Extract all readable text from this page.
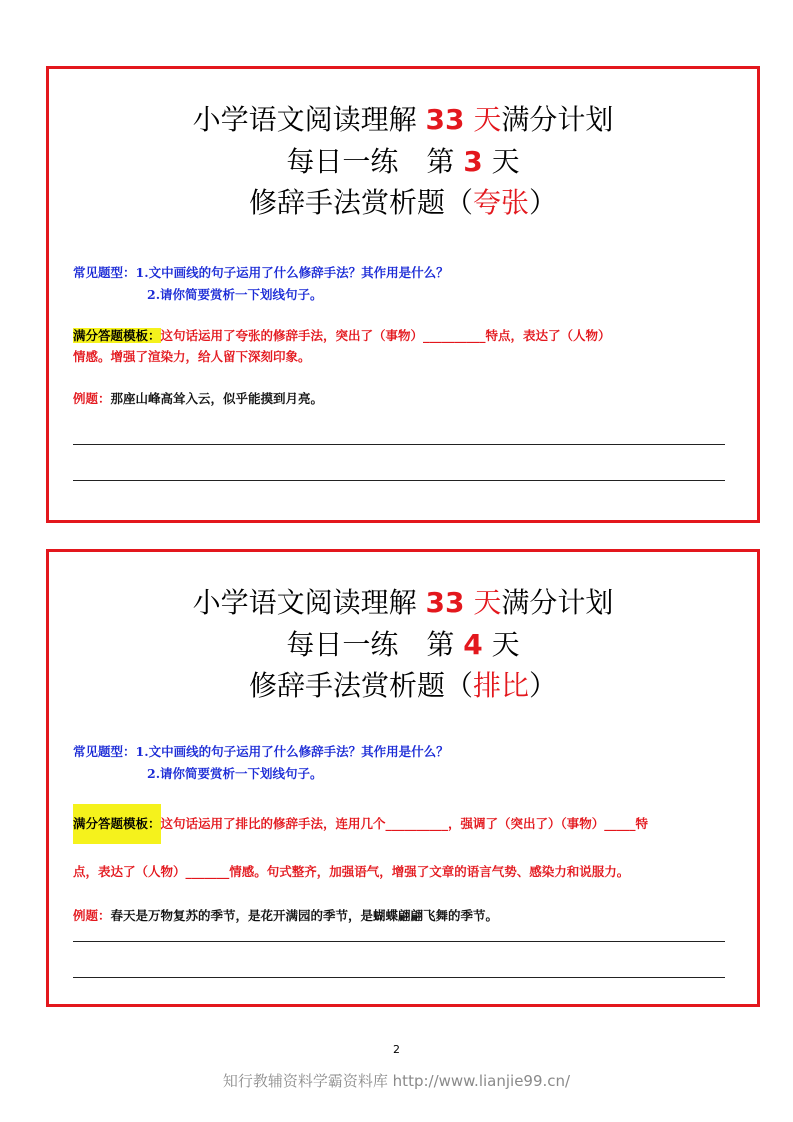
小学语文阅读理解 33 天满分计划
每日一练　第 3 天
修辞手法赏析题（夸张）
常见题型：1.文中画线的句子运用了什么修辞手法？其作用是什么？
2.请你简要赏析一下划线句子。
满分答题模板：这句话运用了夸张的修辞手法，突出了（事物）__________特点，表达了（人物）
情感。增强了渲染力，给人留下深刻印象。
例题：那座山峰高耸入云，似乎能摸到月亮。
小学语文阅读理解 33 天满分计划
每日一练　第 4 天
修辞手法赏析题（排比）
常见题型：1.文中画线的句子运用了什么修辞手法？其作用是什么？
2.请你简要赏析一下划线句子。
满分答题模板：这句话运用了排比的修辞手法，连用几个__________，强调了（突出了）（事物）_____特
点，表达了（人物）_______情感。句式整齐，加强语气，增强了文章的语言气势、感染力和说服力。
例题：春天是万物复苏的季节，是花开满园的季节，是蝴蝶翩翩飞舞的季节。
2
知行教辅资料学霸资料库 http://www.lianjie99.cn/
